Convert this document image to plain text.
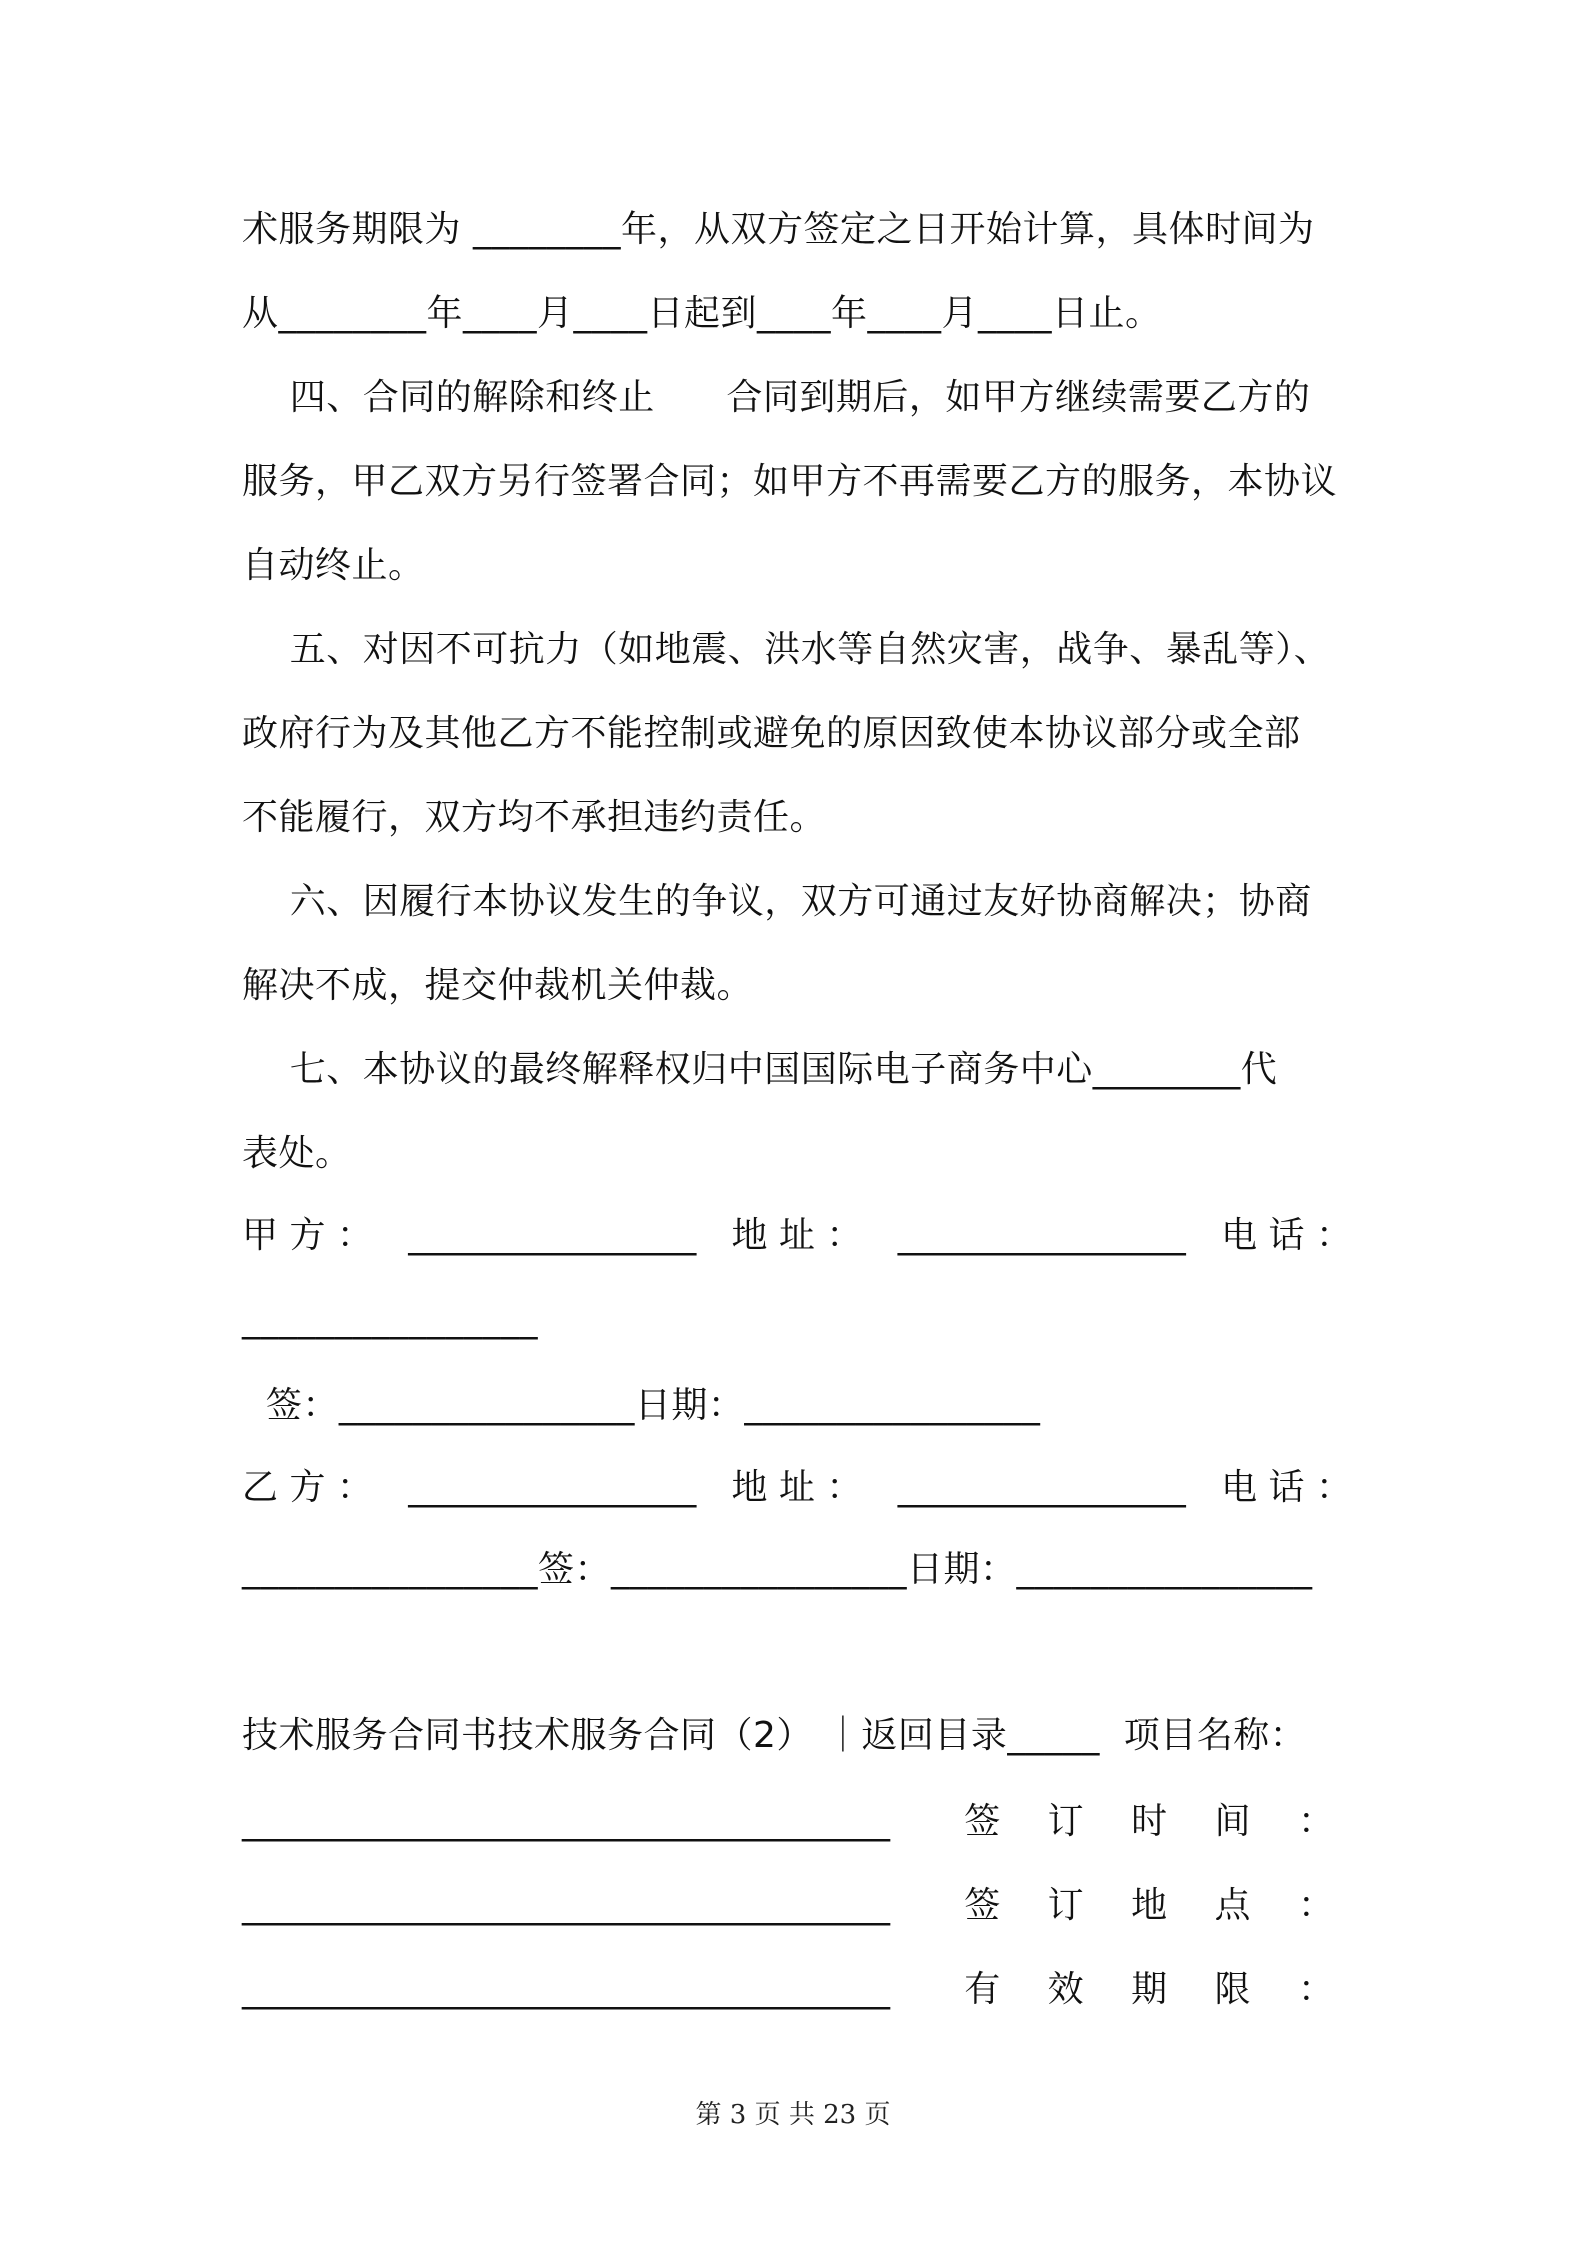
术服务期限为 ________年，从双方签定之日开始计算，具体时间为
从________年____月____日起到____年____月____日止。
四、合同的解除和终止      合同到期后，如甲方继续需要乙方的
服务，甲乙双方另行签署合同；如甲方不再需要乙方的服务，本协议
自动终止。
五、对因不可抗力（如地震、洪水等自然灾害，战争、暴乱等）、
政府行为及其他乙方不能控制或避免的原因致使本协议部分或全部
不能履行，双方均不承担违约责任。
六、因履行本协议发生的争议，双方可通过友好协商解决；协商
解决不成，提交仲裁机关仲裁。
七、本协议的最终解释权归中国国际电子商务中心________代
表处。
甲 方 ： ________________ 地 址 ： ________________ 电 话 ：
________________
签：________________日期：________________
乙 方 ： ________________ 地 址 ： ________________ 电 话 ：
________________签：________________日期：________________
技术服务合同书技术服务合同（2） ｜返回目录_____  项目名称：
____________________________________ 签 订 时 间 ：
____________________________________ 签 订 地 点 ：
____________________________________ 有 效 期 限 ：
第 3 页 共 23 页
